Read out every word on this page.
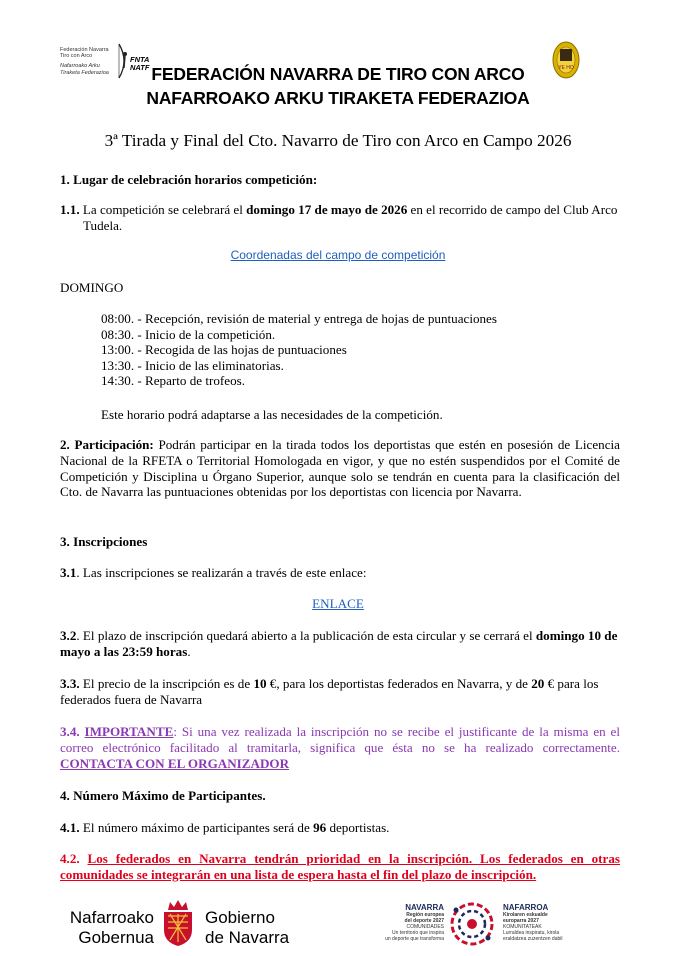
Federación Navarra
Tiro con Arco
Nafarroako Arku
Tiraketa Federazioa
FNTA
NATF FEDERACIÓN NAVARRA DE TIRO CON ARCO
NAFARROAKO ARKU TIRAKETA FEDERAZIOA
YE HO
3ª Tirada y Final del Cto. Navarro de Tiro con Arco en Campo 2026

1. Lugar de celebración horarios competición:

1.1. La competición se celebrará el domingo 17 de mayo de 2026 en el recorrido de campo del Club Arco Tudela.

Coordenadas del campo de competición

DOMINGO

08:00. - Recepción, revisión de material y entrega de hojas de puntuaciones
08:30. - Inicio de la competición.
13:00. - Recogida de las hojas de puntuaciones
13:30. - Inicio de las eliminatorias.
14:30. - Reparto de trofeos.

Este horario podrá adaptarse a las necesidades de la competición.

2. Participación: Podrán participar en la tirada todos los deportistas que estén en posesión de Licencia Nacional de la RFETA o Territorial Homologada en vigor, y que no estén suspendidos por el Comité de Competición y Disciplina u Órgano Superior, aunque solo se tendrán en cuenta para la clasificación del Cto. de Navarra las puntuaciones obtenidas por los deportistas con licencia por Navarra.

3. Inscripciones

3.1. Las inscripciones se realizarán a través de este enlace:

ENLACE

3.2. El plazo de inscripción quedará abierto a la publicación de esta circular y se cerrará el domingo 10 de mayo a las 23:59 horas.

3.3. El precio de la inscripción es de 10 €, para los deportistas federados en Navarra, y de 20 € para los federados fuera de Navarra

3.4. IMPORTANTE: Si una vez realizada la inscripción no se recibe el justificante de la misma en el correo electrónico facilitado al tramitarla, significa que ésta no se ha realizado correctamente. CONTACTA CON EL ORGANIZADOR

4. Número Máximo de Participantes.

4.1. El número máximo de participantes será de 96 deportistas.

4.2. Los federados en Navarra tendrán prioridad en la inscripción. Los federados en otras comunidades se integrarán en una lista de espera hasta el fin del plazo de inscripción.

Nafarroako
Gobernua
Gobierno
de Navarra
NAVARRA
Región europea
del deporte 2027
COMUNIDADES
Un territorio que inspira
un deporte que transforma
NAFARROA
Kirolaren eskualde
europarra 2027
KOMUNITATEAK
Lurraldea inspiratu, kirola
eraldatzea zuzentzen dabil
